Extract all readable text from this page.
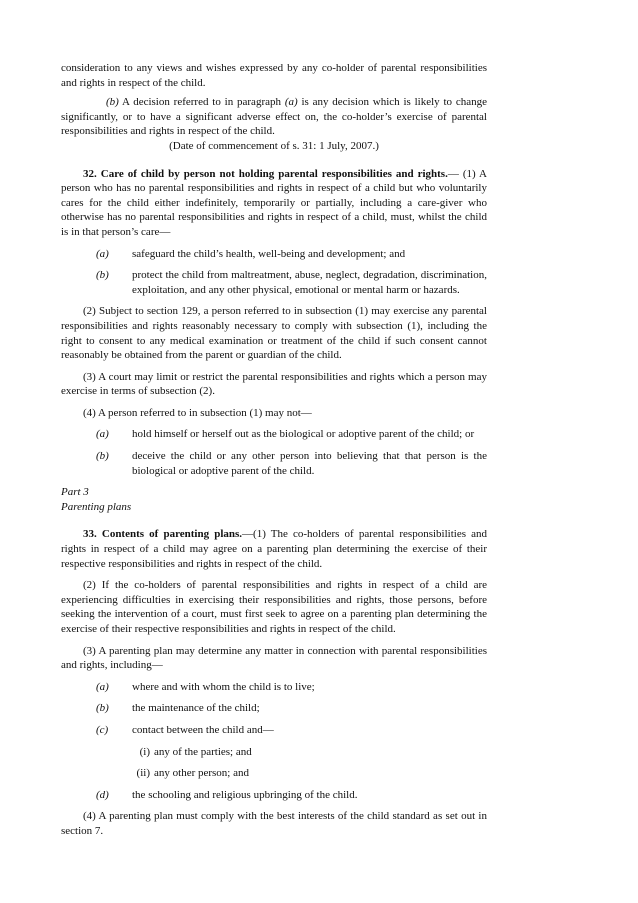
consideration to any views and wishes expressed by any co-holder of parental responsibilities and rights in respect of the child.

(b) A decision referred to in paragraph (a) is any decision which is likely to change significantly, or to have a significant adverse effect on, the co-holder’s exercise of parental responsibilities and rights in respect of the child.

(Date of commencement of s. 31: 1 July, 2007.)

32. Care of child by person not holding parental responsibilities and rights.— (1) A person who has no parental responsibilities and rights in respect of a child but who voluntarily cares for the child either indefinitely, temporarily or partially, including a care-giver who otherwise has no parental responsibilities and rights in respect of a child, must, whilst the child is in that person’s care—

(a)	safeguard the child’s health, well-being and development; and
(b)	protect the child from maltreatment, abuse, neglect, degradation, discrimination, exploitation, and any other physical, emotional or mental harm or hazards.

(2) Subject to section 129, a person referred to in subsection (1) may exercise any parental responsibilities and rights reasonably necessary to comply with subsection (1), including the right to consent to any medical examination or treatment of the child if such consent cannot reasonably be obtained from the parent or guardian of the child.

(3) A court may limit or restrict the parental responsibilities and rights which a person may exercise in terms of subsection (2).

(4) A person referred to in subsection (1) may not—

(a)	hold himself or herself out as the biological or adoptive parent of the child; or
(b)	deceive the child or any other person into believing that that person is the biological or adoptive parent of the child.

Part 3

Parenting plans

33. Contents of parenting plans.—(1) The co-holders of parental responsibilities and rights in respect of a child may agree on a parenting plan determining the exercise of their respective responsibilities and rights in respect of the child.

(2) If the co-holders of parental responsibilities and rights in respect of a child are experiencing difficulties in exercising their responsibilities and rights, those persons, before seeking the intervention of a court, must first seek to agree on a parenting plan determining the exercise of their respective responsibilities and rights in respect of the child.

(3) A parenting plan may determine any matter in connection with parental responsibilities and rights, including—

(a)	where and with whom the child is to live;
(b)	the maintenance of the child;
(c)	contact between the child and—
(i) any of the parties; and
(ii) any other person; and
(d)	the schooling and religious upbringing of the child.

(4) A parenting plan must comply with the best interests of the child standard as set out in section 7.
